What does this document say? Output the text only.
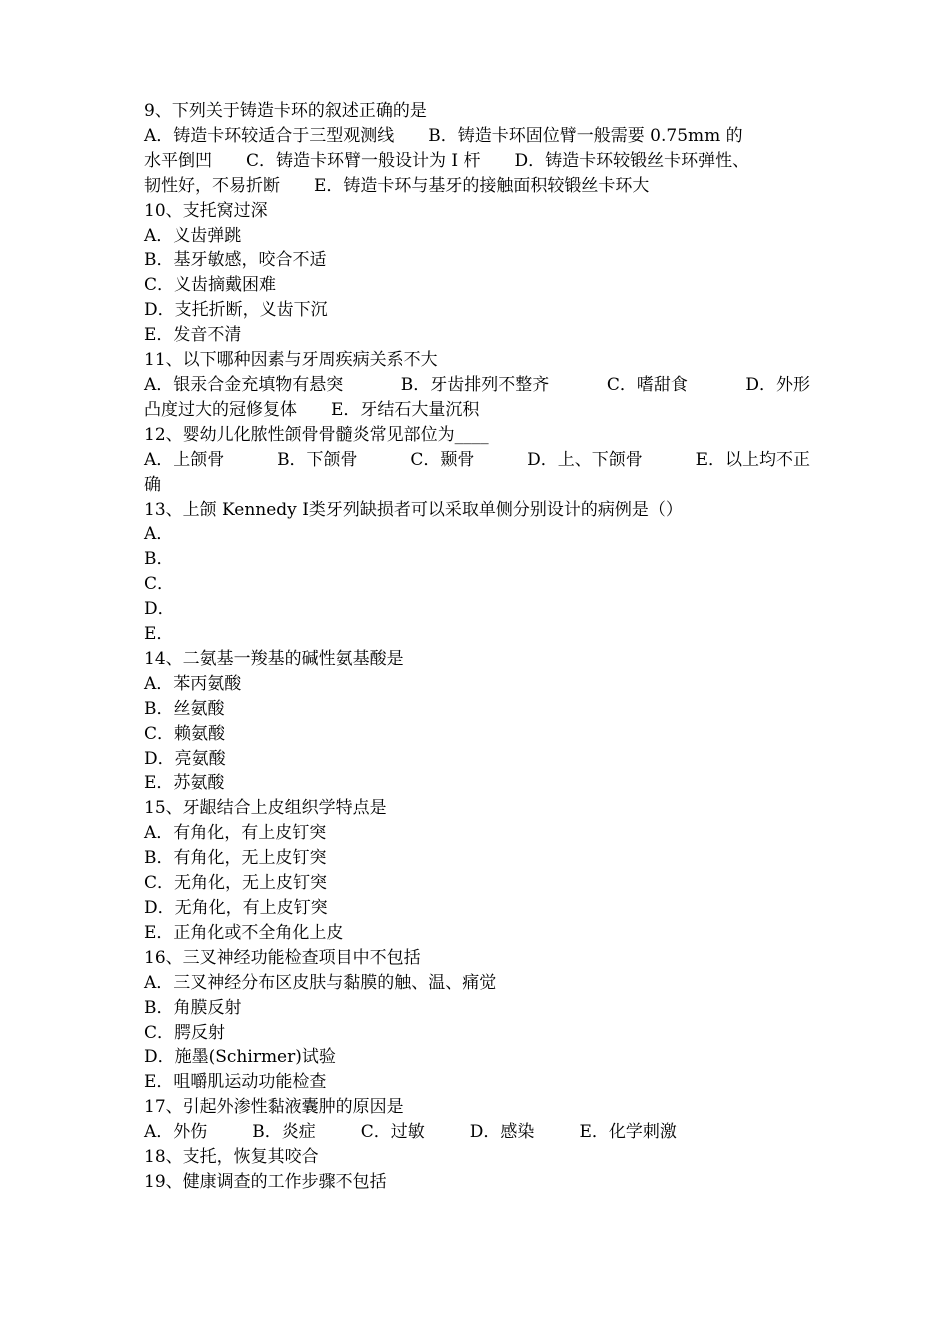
9、下列关于铸造卡环的叙述正确的是
A．铸造卡环较适合于三型观测线　　B．铸造卡环固位臂一般需要 0.75mm 的
水平倒凹　　C．铸造卡环臂一般设计为 I 杆　　D．铸造卡环较锻丝卡环弹性、
韧性好，不易折断　　E．铸造卡环与基牙的接触面积较锻丝卡环大
10、支托窝过深
A．义齿弹跳
B．基牙敏感，咬合不适
C．义齿摘戴困难
D．支托折断，义齿下沉
E．发音不清
11、以下哪种因素与牙周疾病关系不大
A．银汞合金充填物有悬突	B．牙齿排列不整齐	C．嗜甜食	D．外形
凸度过大的冠修复体　　E．牙结石大量沉积
12、婴幼儿化脓性颌骨骨髓炎常见部位为____
A．上颌骨	B．下颌骨	C．颞骨	D．上、下颌骨	E．以上均不正
确
13、上颌 Kennedy Ⅰ类牙列缺损者可以采取单侧分别设计的病例是（）
A．
B．
C．
D．
E．
14、二氨基一羧基的碱性氨基酸是
A．苯丙氨酸
B．丝氨酸
C．赖氨酸
D．亮氨酸
E．苏氨酸
15、牙龈结合上皮组织学特点是
A．有角化，有上皮钉突
B．有角化，无上皮钉突
C．无角化，无上皮钉突
D．无角化，有上皮钉突
E．正角化或不全角化上皮
16、三叉神经功能检查项目中不包括
A．三叉神经分布区皮肤与黏膜的触、温、痛觉
B．角膜反射
C．腭反射
D．施墨(Schirmer)试验
E．咀嚼肌运动功能检查
17、引起外渗性黏液囊肿的原因是
A．外伤	B．炎症	C．过敏	D．感染	E．化学刺激
18、支托，恢复其咬合
19、健康调查的工作步骤不包括
